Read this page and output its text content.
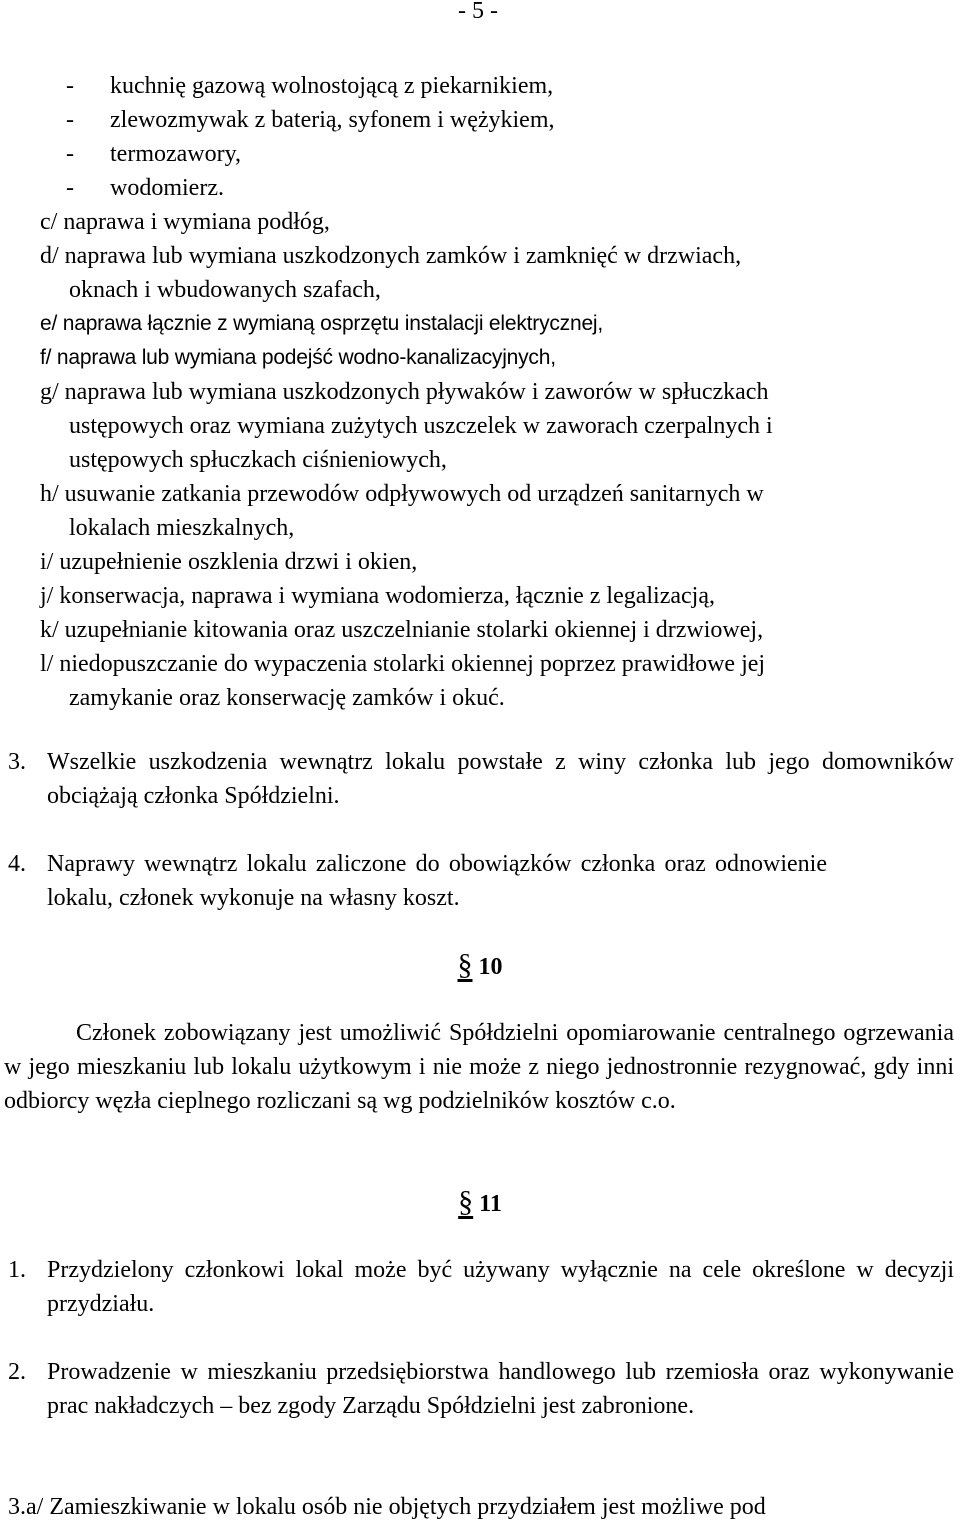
- 5 -
-	kuchnię gazową wolnostojącą z piekarnikiem,
-	zlewozmywak z baterią, syfonem i wężykiem,
-	termozawory,
-	wodomierz.
c/ naprawa i wymiana podłóg,
d/ naprawa lub wymiana uszkodzonych zamków i zamknięć w drzwiach,
oknach i wbudowanych szafach,
e/ naprawa łącznie z wymianą osprzętu instalacji elektrycznej,
f/ naprawa lub wymiana podejść wodno-kanalizacyjnych,
g/ naprawa lub wymiana uszkodzonych pływaków i zaworów w spłuczkach
ustępowych oraz wymiana zużytych uszczelek w zaworach czerpalnych i
ustępowych spłuczkach ciśnieniowych,
h/ usuwanie zatkania przewodów odpływowych od urządzeń sanitarnych w
lokalach mieszkalnych,
i/ uzupełnienie oszklenia drzwi i okien,
j/ konserwacja, naprawa i wymiana wodomierza, łącznie z legalizacją,
k/ uzupełnianie kitowania oraz uszczelnianie stolarki okiennej i drzwiowej,
l/ niedopuszczanie do wypaczenia stolarki okiennej poprzez prawidłowe jej
zamykanie oraz konserwację zamków i okuć.
3. Wszelkie uszkodzenia wewnątrz lokalu powstałe z winy członka lub jego domowników obciążają członka Spółdzielni.
4. Naprawy wewnątrz lokalu zaliczone do obowiązków członka oraz odnowienie lokalu, członek wykonuje na własny koszt.
§ 10
Członek zobowiązany jest umożliwić Spółdzielni opomiarowanie centralnego ogrzewania w jego mieszkaniu lub lokalu użytkowym i nie może z niego jednostronnie rezygnować, gdy inni odbiorcy węzła cieplnego rozliczani są wg podzielników kosztów c.o.
§ 11
1. Przydzielony członkowi lokal może być używany wyłącznie na cele określone w decyzji przydziału.
2. Prowadzenie w mieszkaniu przedsiębiorstwa handlowego lub rzemiosła oraz wykonywanie prac nakładczych – bez zgody Zarządu Spółdzielni jest zabronione.
3.a/ Zamieszkiwanie w lokalu osób nie objętych przydziałem jest możliwe pod
